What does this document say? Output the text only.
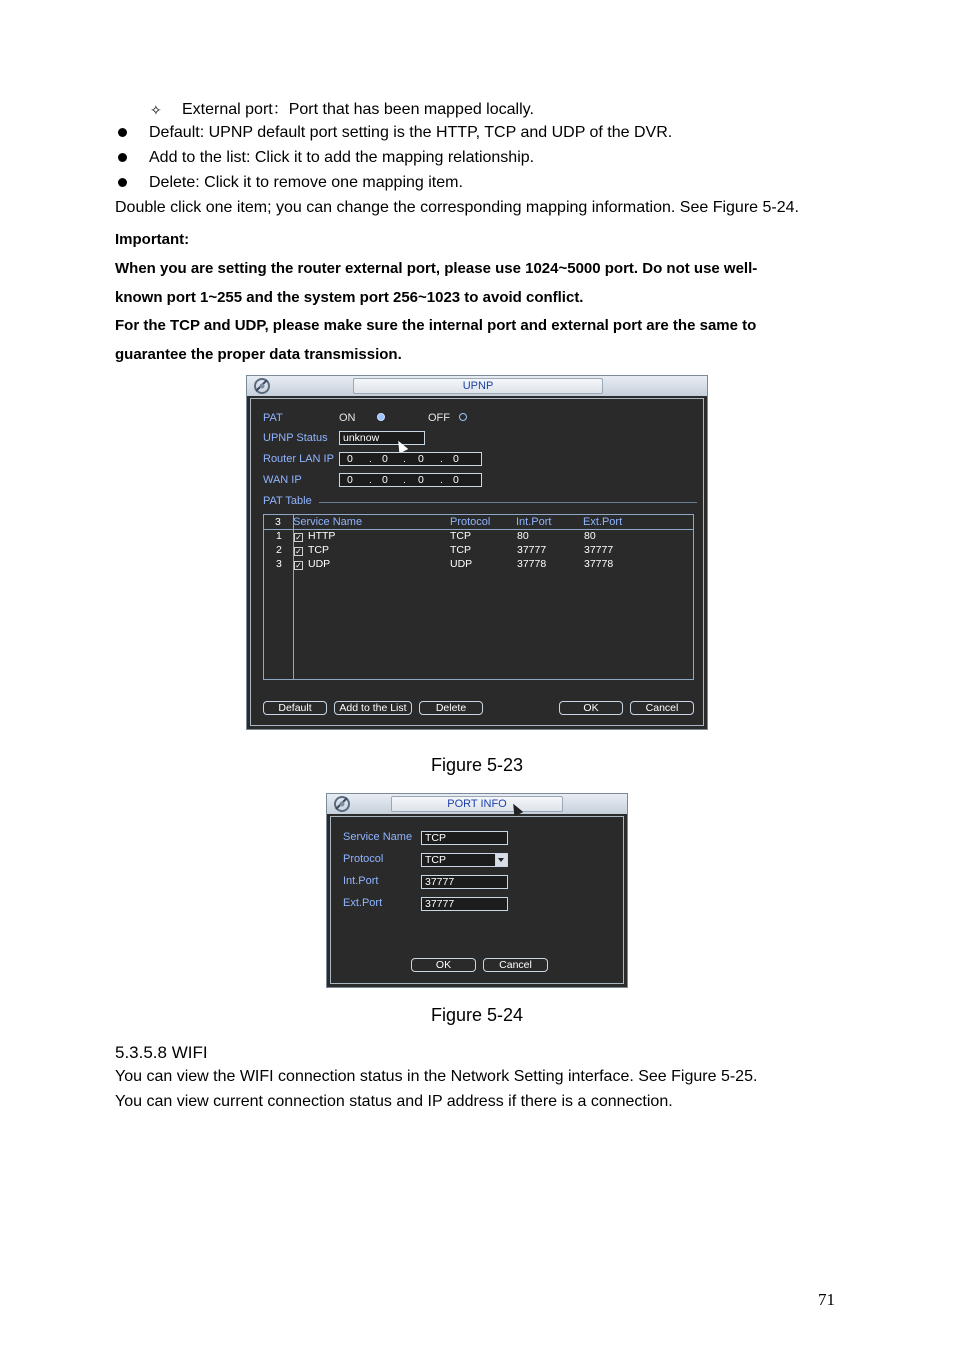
✧ External port：Port that has been mapped locally.
Default: UPNP default port setting is the HTTP, TCP and UDP of the DVR.
Add to the list: Click it to add the mapping relationship.
Delete: Click it to remove one mapping item.
Double click one item; you can change the corresponding mapping information. See Figure 5-24.
Important:
When you are setting the router external port, please use 1024~5000 port. Do not use well-
known port 1~255 and the system port 256~1023 to avoid conflict.
For the TCP and UDP, please make sure the internal port and external port are the same to
guarantee the proper data transmission.
UPNP
PAT	ON	OFF
UPNP Status	unknow
Router LAN IP 0 . 0 . 0 . 0
WAN IP	0 . 0 . 0 . 0
PAT Table
3 Service Name	Protocol Int.Port	Ext.Port
1 ✓ HTTP	TCP	80	80
2 ✓ TCP	TCP	37777	37777
3 ✓ UDP	UDP	37778	37778
Default	Add to the List	Delete	OK	Cancel
Figure 5-23
PORT INFO
Service Name	TCP
Protocol	TCP
Int.Port	37777
Ext.Port	37777
OK	Cancel
Figure 5-24
5.3.5.8 WIFI
You can view the WIFI connection status in the Network Setting interface. See Figure 5-25.
You can view current connection status and IP address if there is a connection.
71
